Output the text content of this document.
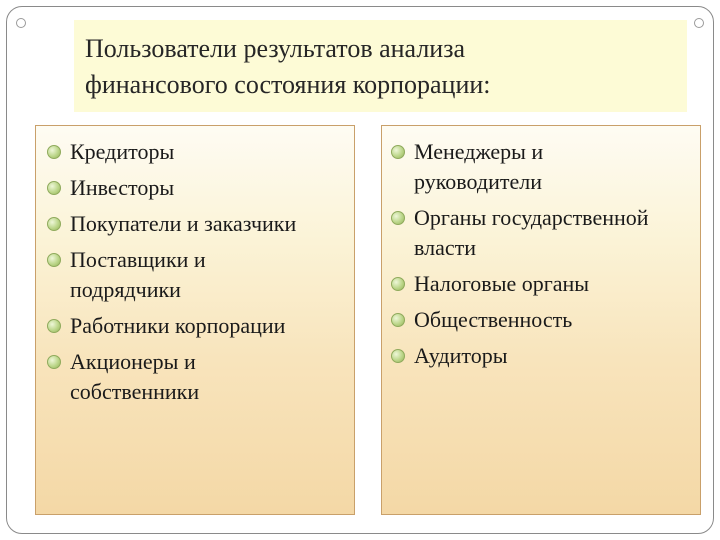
Пользователи результатов анализа
финансового состояния корпорации:
Кредиторы
Инвесторы
Покупатели и заказчики
Поставщики и
подрядчики
Работники корпорации
Акционеры и
собственники
Менеджеры и
руководители
Органы государственной
власти
Налоговые органы
Общественность
Аудиторы
